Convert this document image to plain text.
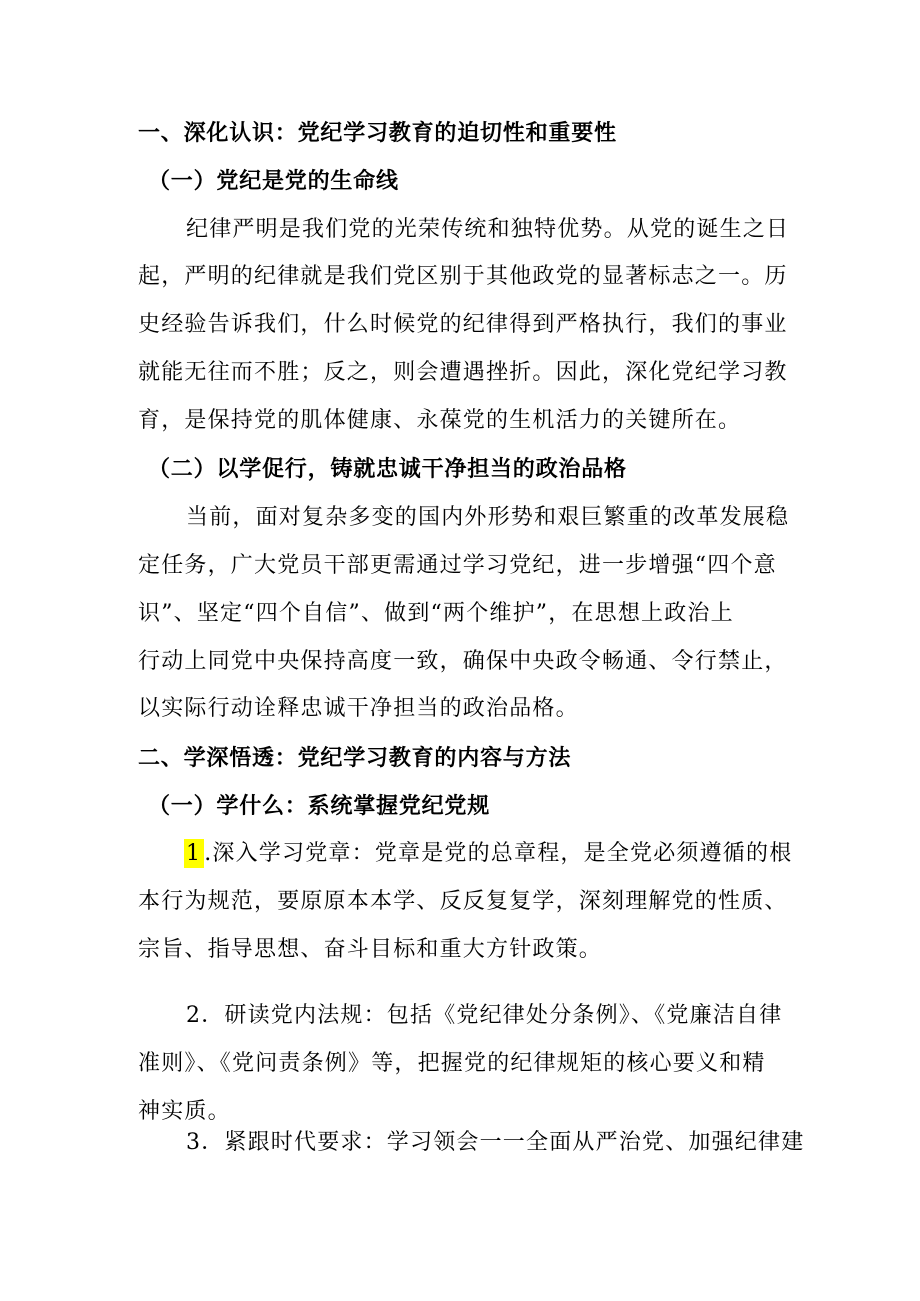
一、深化认识：党纪学习教育的迫切性和重要性
（一）党纪是党的生命线
纪律严明是我们党的光荣传统和独特优势。从党的诞生之日
起，严明的纪律就是我们党区别于其他政党的显著标志之一。历
史经验告诉我们，什么时候党的纪律得到严格执行，我们的事业
就能无往而不胜；反之，则会遭遇挫折。因此，深化党纪学习教
育，是保持党的肌体健康、永葆党的生机活力的关键所在。
（二）以学促行，铸就忠诚干净担当的政治品格
当前，面对复杂多变的国内外形势和艰巨繁重的改革发展稳
定任务，广大党员干部更需通过学习党纪，进一步增强“四个意
识”、坚定“四个自信”、做到“两个维护”，在思想上政治上
行动上同党中央保持高度一致，确保中央政令畅通、令行禁止，
以实际行动诠释忠诚干净担当的政治品格。
二、学深悟透：党纪学习教育的内容与方法
（一）学什么：系统掌握党纪党规
1 .深入学习党章：党章是党的总章程，是全党必须遵循的根
本行为规范，要原原本本学、反反复复学，深刻理解党的性质、
宗旨、指导思想、奋斗目标和重大方针政策。
2．研读党内法规：包括《党纪律处分条例》、《党廉洁自律
准则》、《党问责条例》等，把握党的纪律规矩的核心要义和精
神实质。
3．紧跟时代要求：学习领会一一全面从严治党、加强纪律建
